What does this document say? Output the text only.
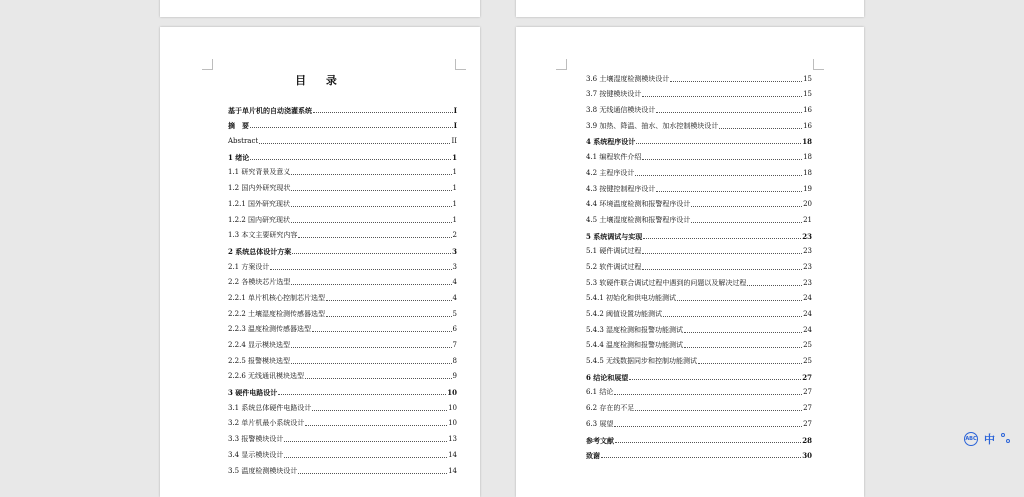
目 录
基于单片机的自动浇灌系统	I
摘　要	I
Abstract	II
1 绪论	1
1.1 研究背景及意义	1
1.2 国内外研究现状	1
1.2.1 国外研究现状	1
1.2.2 国内研究现状	1
1.3 本文主要研究内容	2
2 系统总体设计方案	3
2.1 方案设计	3
2.2 各模块芯片选型	4
2.2.1 单片机核心控制芯片选型	4
2.2.2 土壤湿度检测传感器选型	5
2.2.3 温度检测传感器选型	6
2.2.4 显示模块选型	7
2.2.5 报警模块选型	8
2.2.6 无线通讯模块选型	9
3 硬件电路设计	10
3.1 系统总体硬件电路设计	10
3.2 单片机最小系统设计	10
3.3 报警模块设计	13
3.4 显示模块设计	14
3.5 温度检测模块设计	14
3.6 土壤湿度检测模块设计	15
3.7 按键模块设计	15
3.8 无线通信模块设计	16
3.9 加热、降温、抽水、加水控制模块设计	16
4 系统程序设计	18
4.1 编程软件介绍	18
4.2 主程序设计	18
4.3 按键控制程序设计	19
4.4 环境温度检测和报警程序设计	20
4.5 土壤湿度检测和报警程序设计	21
5 系统调试与实现	23
5.1 硬件调试过程	23
5.2 软件调试过程	23
5.3 软硬件联合调试过程中遇到的问题以及解决过程	23
5.4.1 初始化和供电功能测试	24
5.4.2 阈值设置功能测试	24
5.4.3 湿度检测和报警功能测试	24
5.4.4 温度检测和报警功能测试	25
5.4.5 无线数据同步和控制功能测试	25
6 结论和展望	27
6.1 结论	27
6.2 存在的不足	27
6.3 展望	27
参考文献	28
致谢	30
ABC 中
